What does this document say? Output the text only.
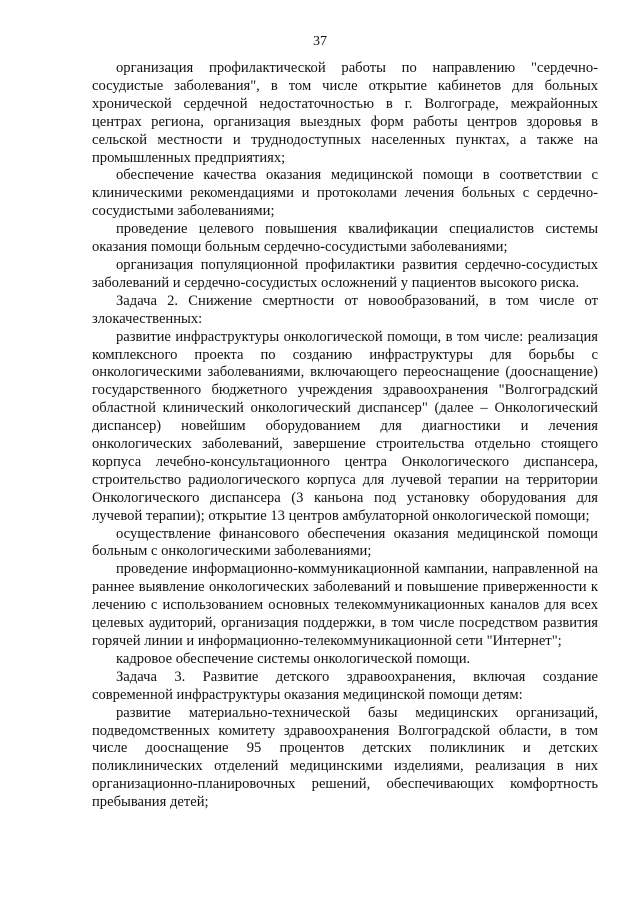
37

организация профилактической работы по направлению "сердечно-сосудистые заболевания", в том числе открытие кабинетов для больных хронической сердечной недостаточностью в г. Волгограде, межрайонных центрах региона, организация выездных форм работы центров здоровья в сельской местности и труднодоступных населенных пунктах, а также на промышленных предприятиях;

обеспечение качества оказания медицинской помощи в соответствии с клиническими рекомендациями и протоколами лечения больных с сердечно-сосудистыми заболеваниями;

проведение целевого повышения квалификации специалистов системы оказания помощи больным сердечно-сосудистыми заболеваниями;

организация популяционной профилактики развития сердечно-сосудистых заболеваний и сердечно-сосудистых осложнений у пациентов высокого риска.

Задача 2. Снижение смертности от новообразований, в том числе от злокачественных:

развитие инфраструктуры онкологической помощи, в том числе: реализация комплексного проекта по созданию инфраструктуры для борьбы с онкологическими заболеваниями, включающего переоснащение (дооснащение) государственного бюджетного учреждения здравоохранения "Волгоградский областной клинический онкологический диспансер" (далее – Онкологический диспансер) новейшим оборудованием для диагностики и лечения онкологических заболеваний, завершение строительства отдельно стоящего корпуса лечебно-консультационного центра Онкологического диспансера, строительство радиологического корпуса для лучевой терапии на территории Онкологического диспансера (3 каньона под установку оборудования для лучевой терапии); открытие 13 центров амбулаторной онкологической помощи;

осуществление финансового обеспечения оказания медицинской помощи больным с онкологическими заболеваниями;

проведение информационно-коммуникационной кампании, направленной на раннее выявление онкологических заболеваний и повышение приверженности к лечению с использованием основных телекоммуникационных каналов для всех целевых аудиторий, организация поддержки, в том числе посредством развития горячей линии и информационно-телекоммуникационной сети "Интернет";

кадровое обеспечение системы онкологической помощи.

Задача 3. Развитие детского здравоохранения, включая создание современной инфраструктуры оказания медицинской помощи детям:

развитие материально-технической базы медицинских организаций, подведомственных комитету здравоохранения Волгоградской области, в том числе дооснащение 95 процентов детских поликлиник и детских поликлинических отделений медицинскими изделиями, реализация в них организационно-планировочных решений, обеспечивающих комфортность пребывания детей;
